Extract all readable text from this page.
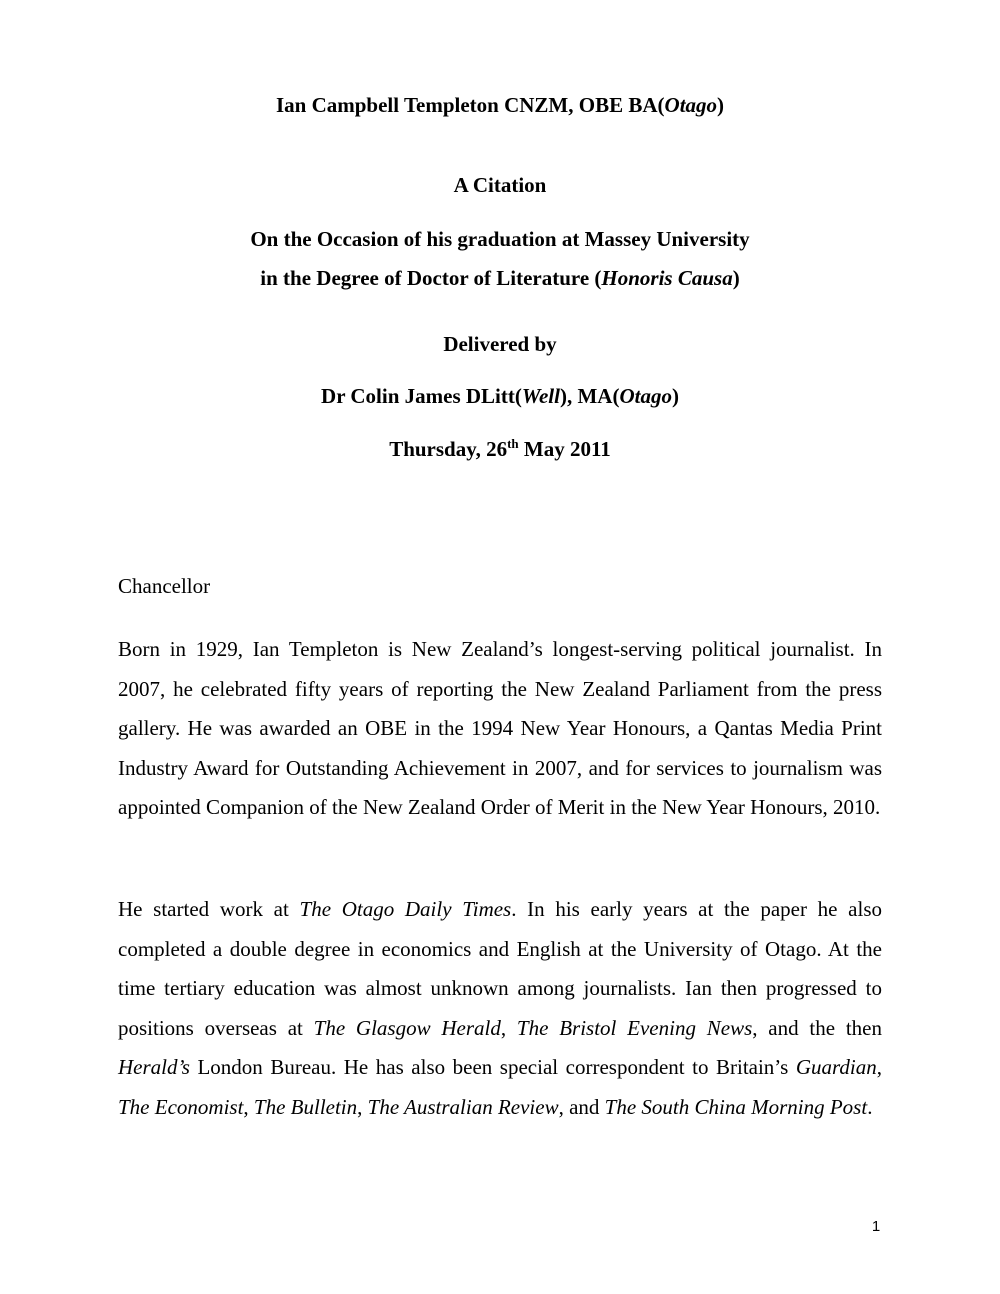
Ian Campbell Templeton CNZM, OBE BA(Otago)

A Citation

On the Occasion of his graduation at Massey University

in the Degree of Doctor of Literature (Honoris Causa)

Delivered by

Dr Colin James DLitt(Well), MA(Otago)

Thursday, 26th May 2011

Chancellor

Born in 1929, Ian Templeton is New Zealand’s longest-serving political journalist. In 2007, he celebrated fifty years of reporting the New Zealand Parliament from the press gallery. He was awarded an OBE in the 1994 New Year Honours, a Qantas Media Print Industry Award for Outstanding Achievement in 2007, and for services to journalism was appointed Companion of the New Zealand Order of Merit in the New Year Honours, 2010.

He started work at The Otago Daily Times. In his early years at the paper he also completed a double degree in economics and English at the University of Otago. At the time tertiary education was almost unknown among journalists. Ian then progressed to positions overseas at The Glasgow Herald, The Bristol Evening News, and the then Herald’s London Bureau. He has also been special correspondent to Britain’s Guardian, The Economist, The Bulletin, The Australian Review, and The South China Morning Post.

1
